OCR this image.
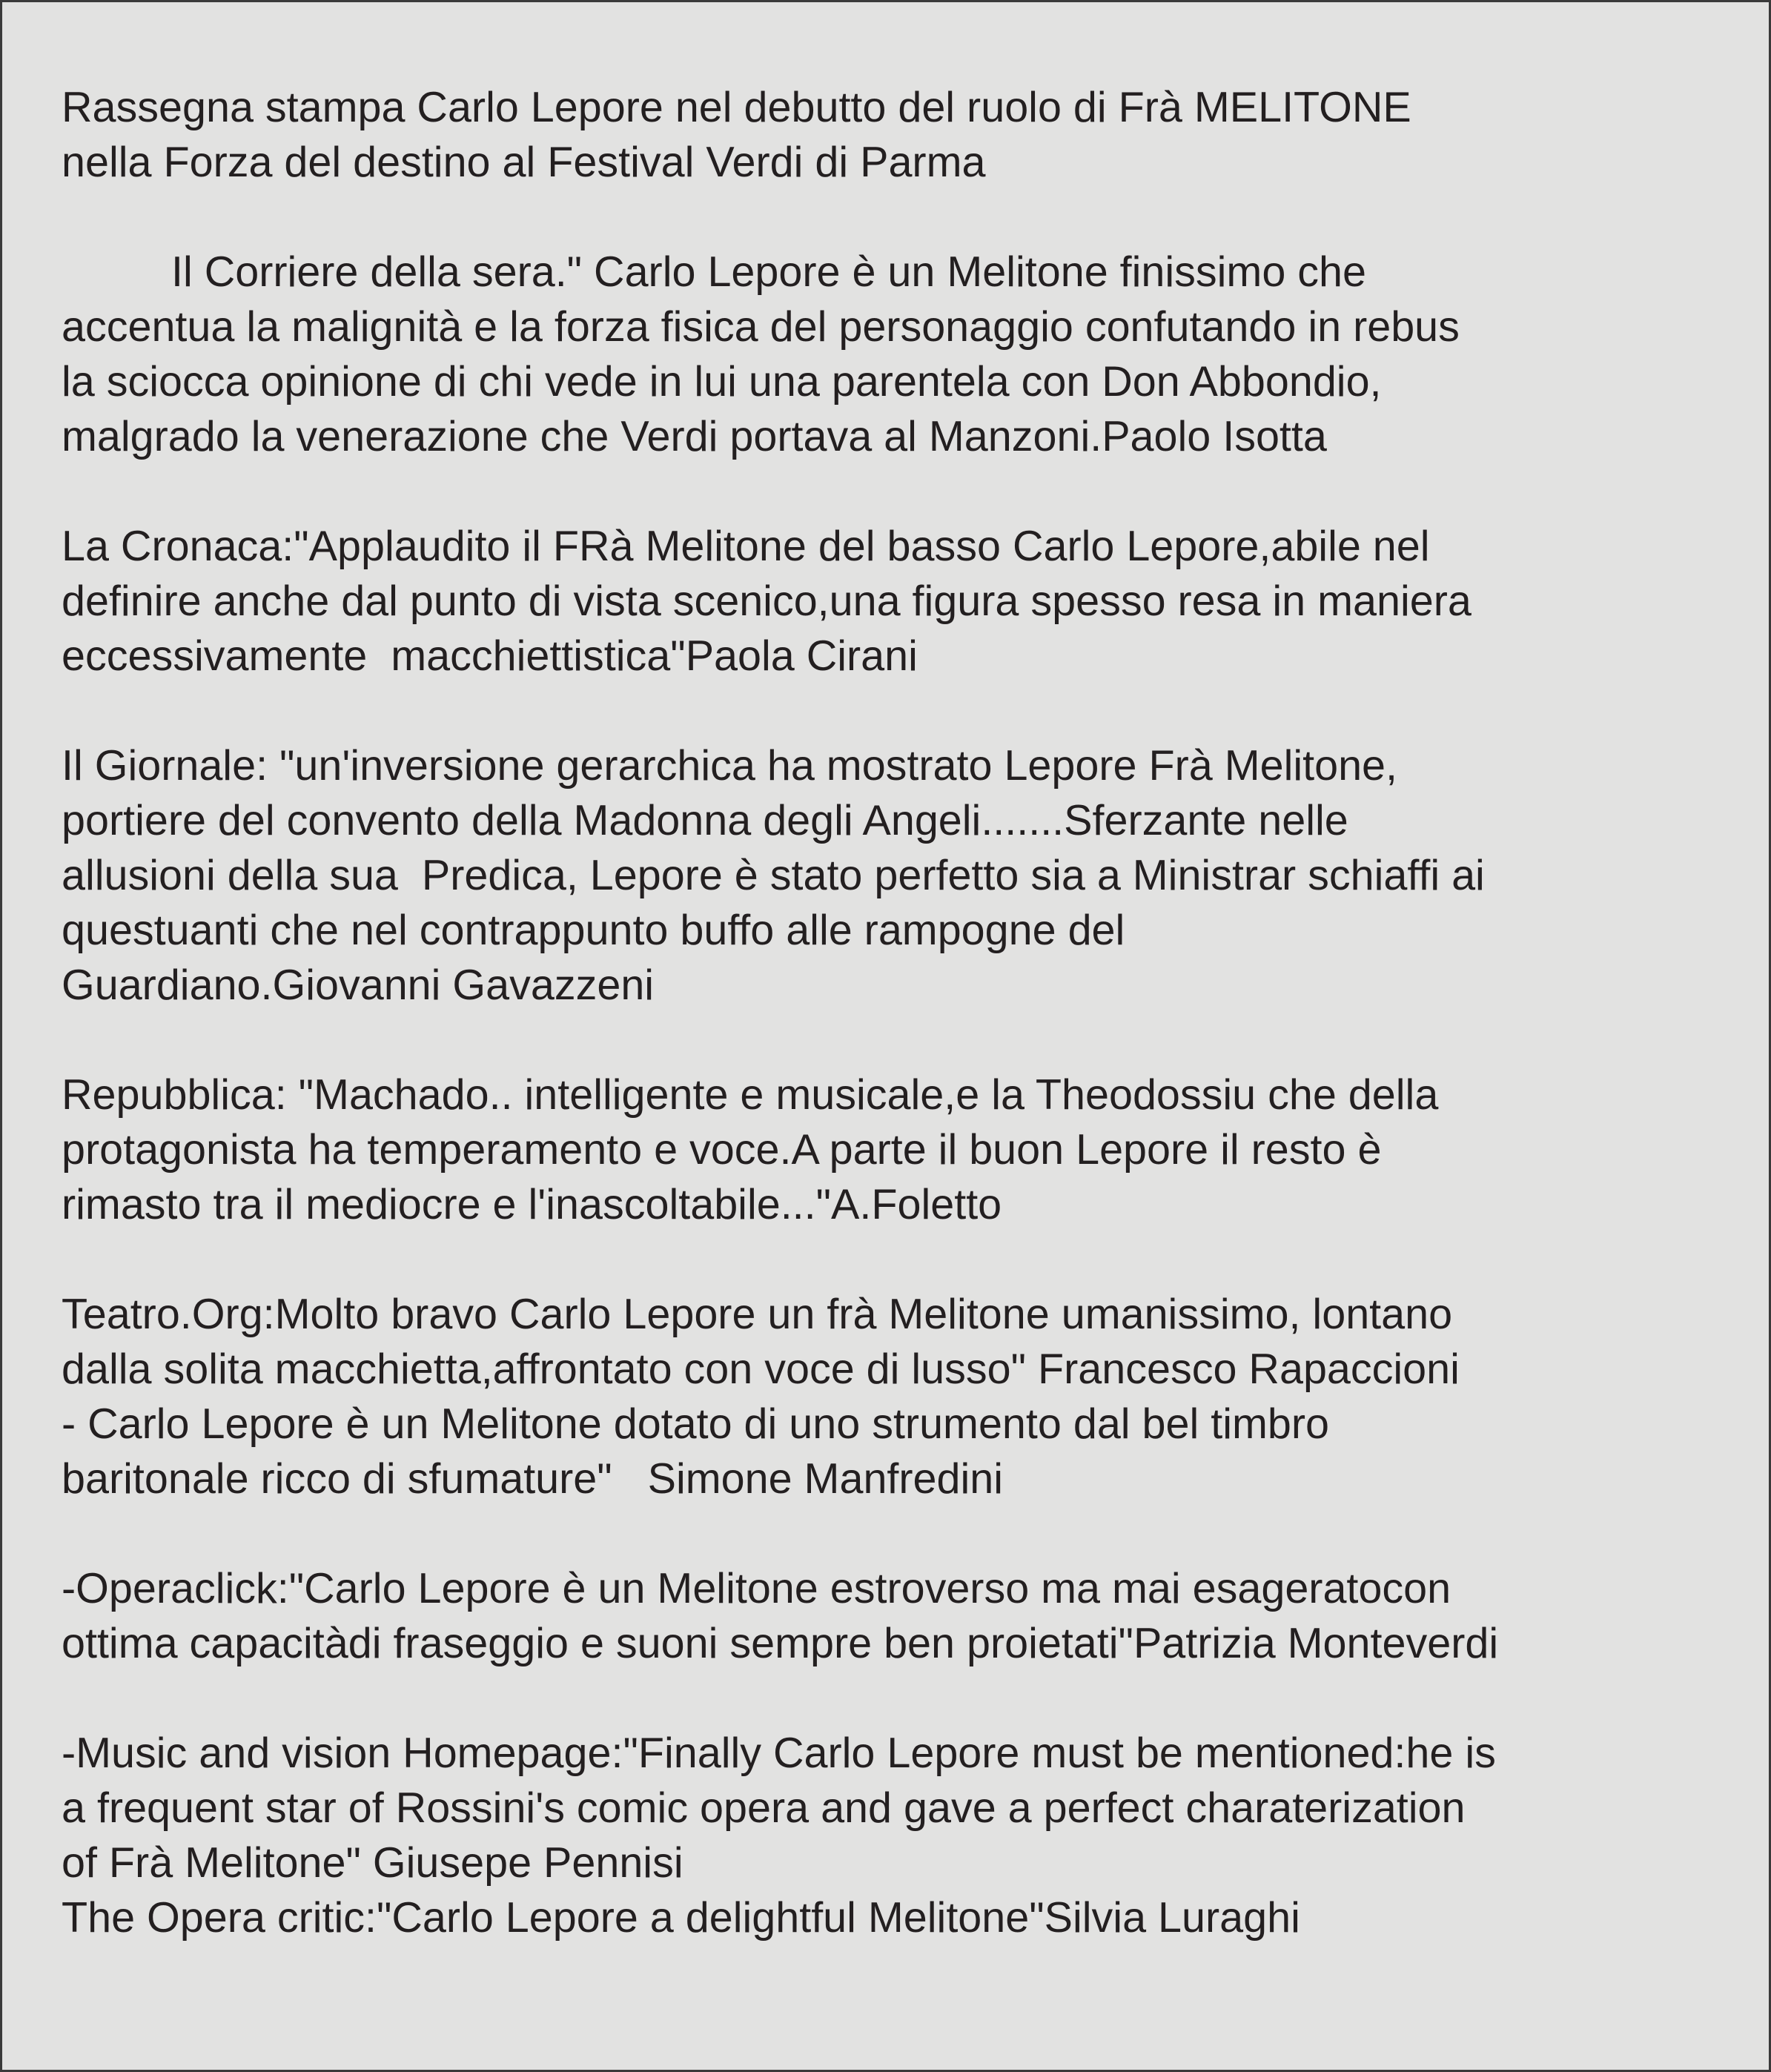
Rassegna stampa Carlo Lepore nel debutto del ruolo di Frà MELITONE
nella Forza del destino al Festival Verdi di Parma

Il Corriere della sera." Carlo Lepore è un Melitone finissimo che
accentua la malignità e la forza fisica del personaggio confutando in rebus
la sciocca opinione di chi vede in lui una parentela con Don Abbondio,
malgrado la venerazione che Verdi portava al Manzoni.Paolo Isotta

La Cronaca:"Applaudito il FRà Melitone del basso Carlo Lepore,abile nel
definire anche dal punto di vista scenico,una figura spesso resa in maniera
eccessivamente  macchiettistica"Paola Cirani

Il Giornale: "un'inversione gerarchica ha mostrato Lepore Frà Melitone,
portiere del convento della Madonna degli Angeli.......Sferzante nelle
allusioni della sua  Predica, Lepore è stato perfetto sia a Ministrar schiaffi ai
questuanti che nel contrappunto buffo alle rampogne del
Guardiano.Giovanni Gavazzeni

Repubblica: "Machado.. intelligente e musicale,e la Theodossiu che della
protagonista ha temperamento e voce.A parte il buon Lepore il resto è
rimasto tra il mediocre e l'inascoltabile..."A.Foletto

Teatro.Org:Molto bravo Carlo Lepore un frà Melitone umanissimo, lontano
dalla solita macchietta,affrontato con voce di lusso" Francesco Rapaccioni
- Carlo Lepore è un Melitone dotato di uno strumento dal bel timbro
baritonale ricco di sfumature"   Simone Manfredini

-Operaclick:"Carlo Lepore è un Melitone estroverso ma mai esageratocon
ottima capacitàdi fraseggio e suoni sempre ben proietati"Patrizia Monteverdi

-Music and vision Homepage:"Finally Carlo Lepore must be mentioned:he is
a frequent star of Rossini's comic opera and gave a perfect charaterization
of Frà Melitone" Giusepe Pennisi
The Opera critic:"Carlo Lepore a delightful Melitone"Silvia Luraghi
